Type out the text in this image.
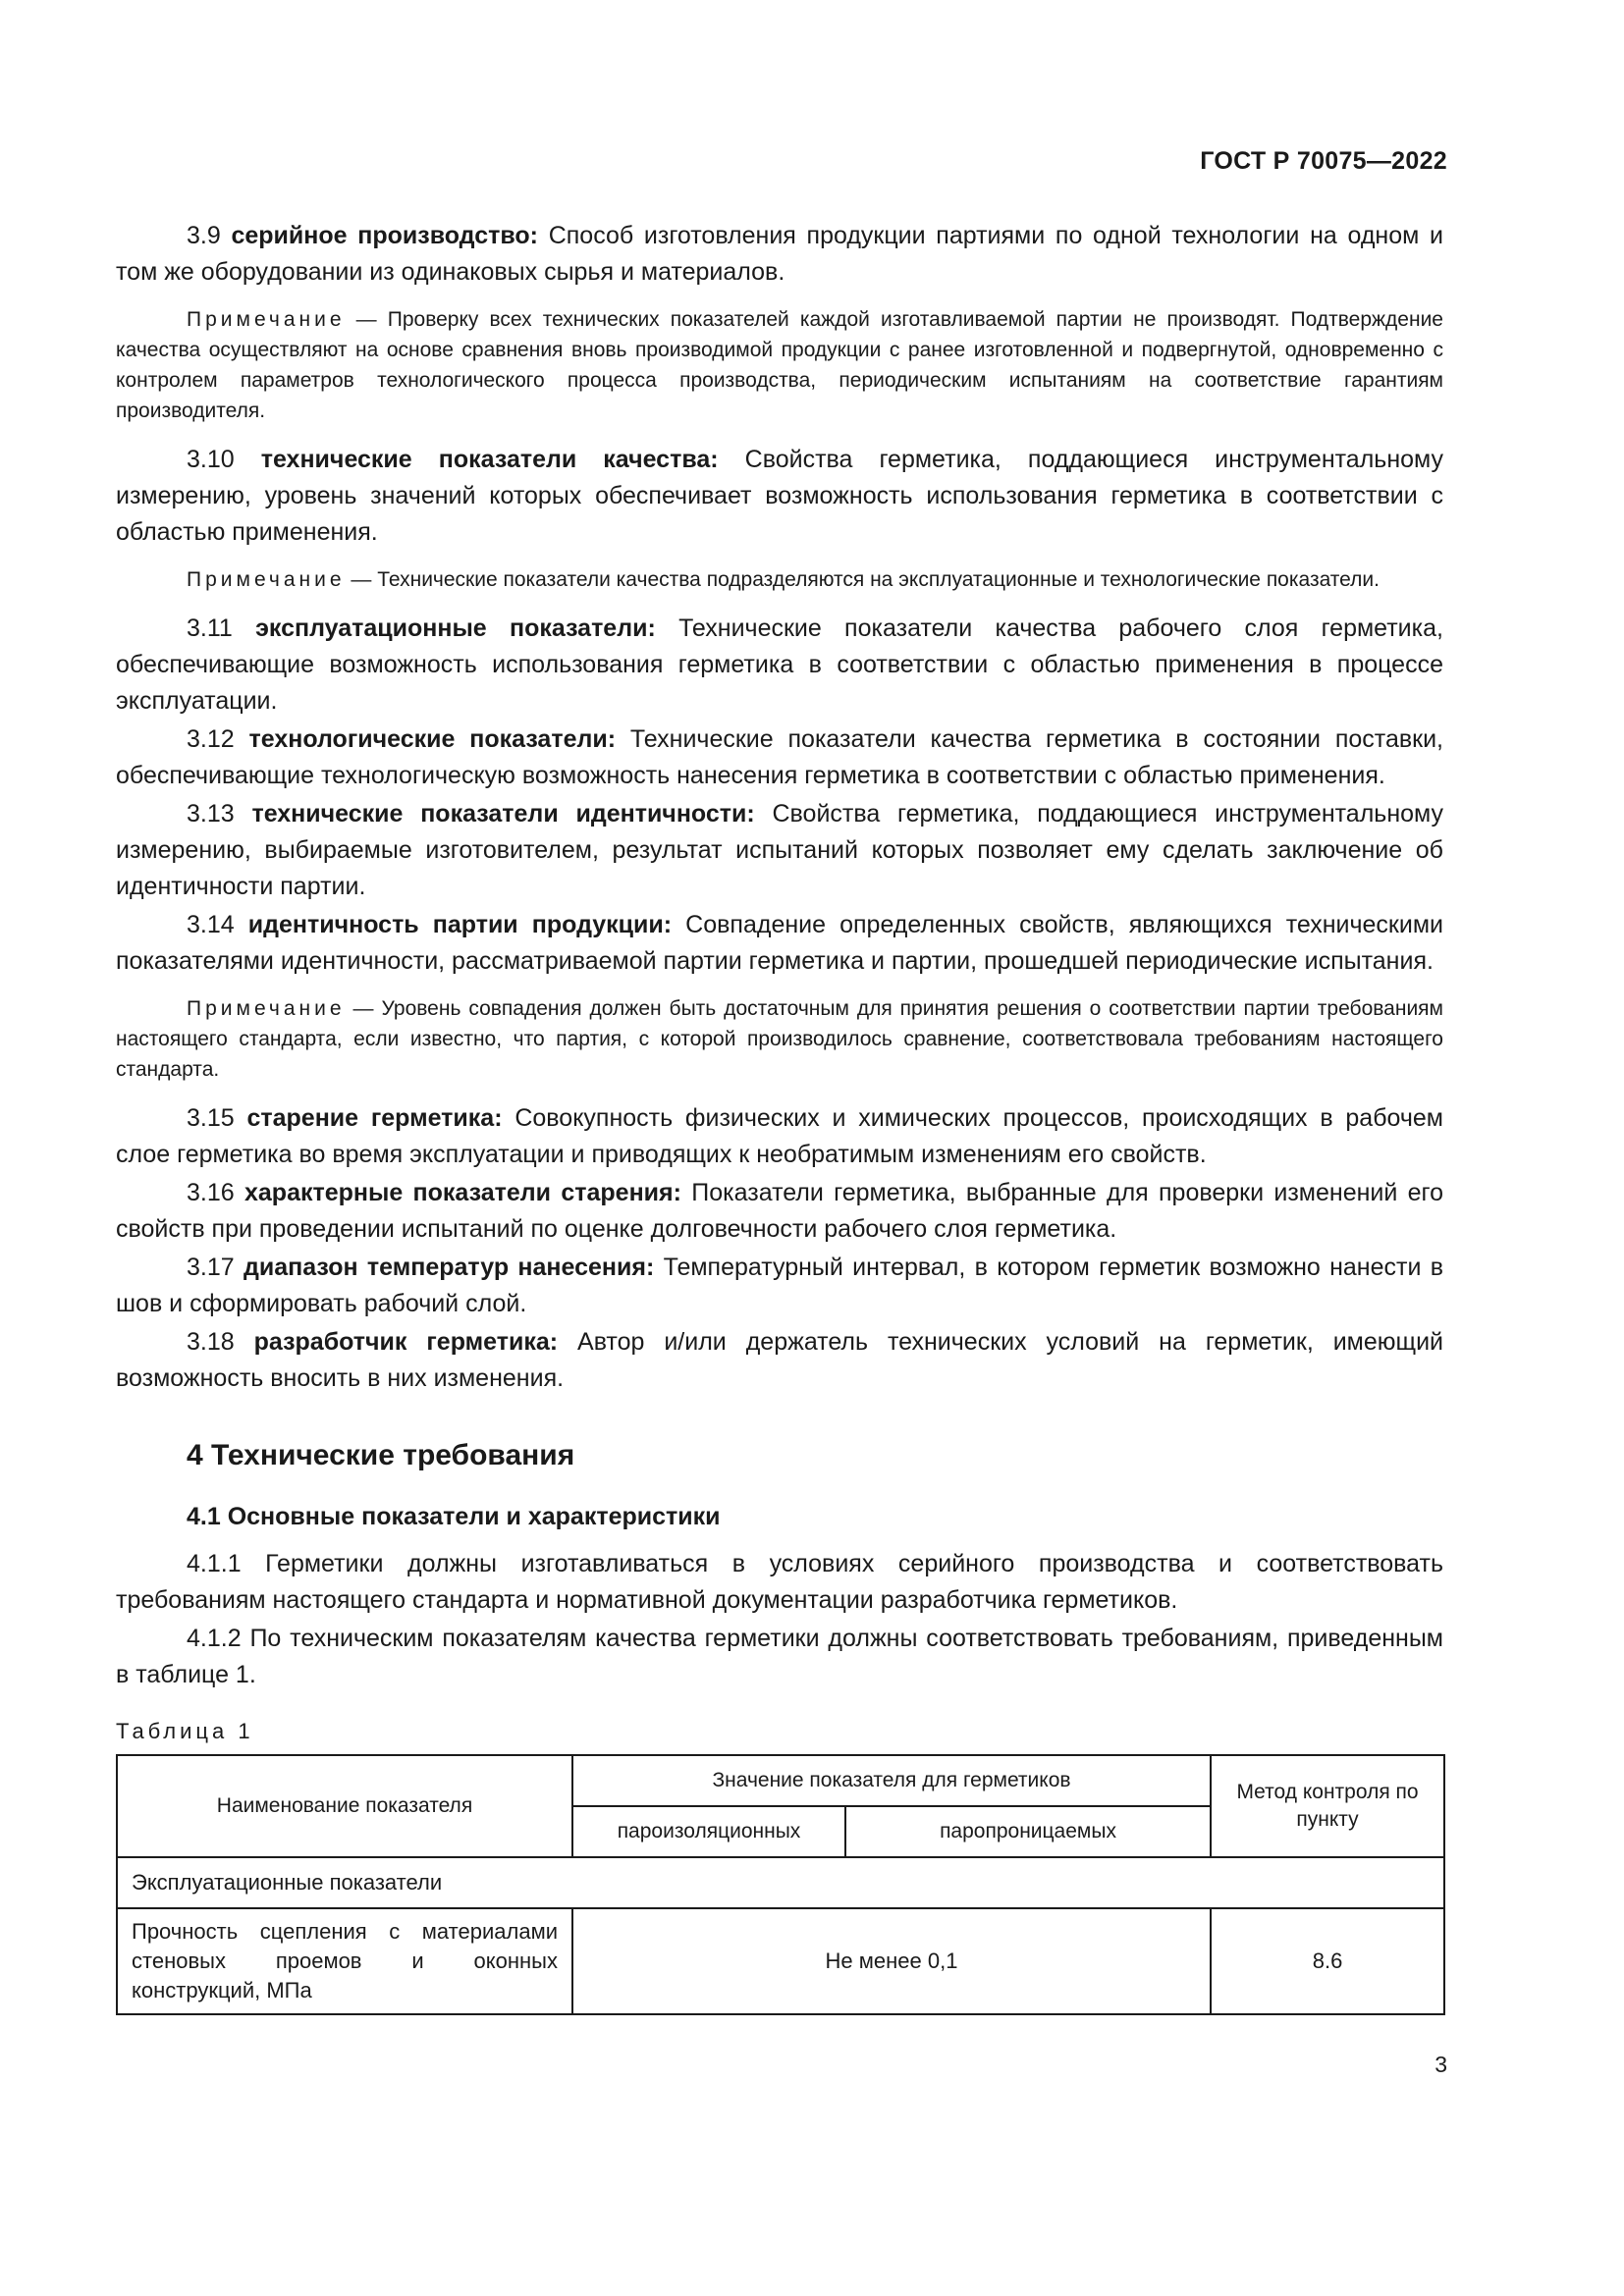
ГОСТ Р 70075—2022

3.9 серийное производство: Способ изготовления продукции партиями по одной технологии на одном и том же оборудовании из одинаковых сырья и материалов.

Примечание — Проверку всех технических показателей каждой изготавливаемой партии не производят. Подтверждение качества осуществляют на основе сравнения вновь производимой продукции с ранее изготовленной и подвергнутой, одновременно с контролем параметров технологического процесса производства, периодическим испытаниям на соответствие гарантиям производителя.

3.10 технические показатели качества: Свойства герметика, поддающиеся инструментальному измерению, уровень значений которых обеспечивает возможность использования герметика в соответствии с областью применения.

Примечание — Технические показатели качества подразделяются на эксплуатационные и технологические показатели.

3.11 эксплуатационные показатели: Технические показатели качества рабочего слоя герметика, обеспечивающие возможность использования герметика в соответствии с областью применения в процессе эксплуатации.

3.12 технологические показатели: Технические показатели качества герметика в состоянии поставки, обеспечивающие технологическую возможность нанесения герметика в соответствии с областью применения.

3.13 технические показатели идентичности: Свойства герметика, поддающиеся инструментальному измерению, выбираемые изготовителем, результат испытаний которых позволяет ему сделать заключение об идентичности партии.

3.14 идентичность партии продукции: Совпадение определенных свойств, являющихся техническими показателями идентичности, рассматриваемой партии герметика и партии, прошедшей периодические испытания.

Примечание — Уровень совпадения должен быть достаточным для принятия решения о соответствии партии требованиям настоящего стандарта, если известно, что партия, с которой производилось сравнение, соответствовала требованиям настоящего стандарта.

3.15 старение герметика: Совокупность физических и химических процессов, происходящих в рабочем слое герметика во время эксплуатации и приводящих к необратимым изменениям его свойств.

3.16 характерные показатели старения: Показатели герметика, выбранные для проверки изменений его свойств при проведении испытаний по оценке долговечности рабочего слоя герметика.

3.17 диапазон температур нанесения: Температурный интервал, в котором герметик возможно нанести в шов и сформировать рабочий слой.

3.18 разработчик герметика: Автор и/или держатель технических условий на герметик, имеющий возможность вносить в них изменения.

4 Технические требования
4.1 Основные показатели и характеристики

4.1.1 Герметики должны изготавливаться в условиях серийного производства и соответствовать требованиям настоящего стандарта и нормативной документации разработчика герметиков.

4.1.2 По техническим показателям качества герметики должны соответствовать требованиям, приведенным в таблице 1.

Таблица 1
Наименование показателя	Значение показателя для герметиков		Метод контроля по пункту
	пароизоляционных	паропроницаемых	
Эксплуатационные показатели			
Прочность сцепления с материалами стеновых проемов и оконных конструкций, МПа	Не менее 0,1		8.6
3
